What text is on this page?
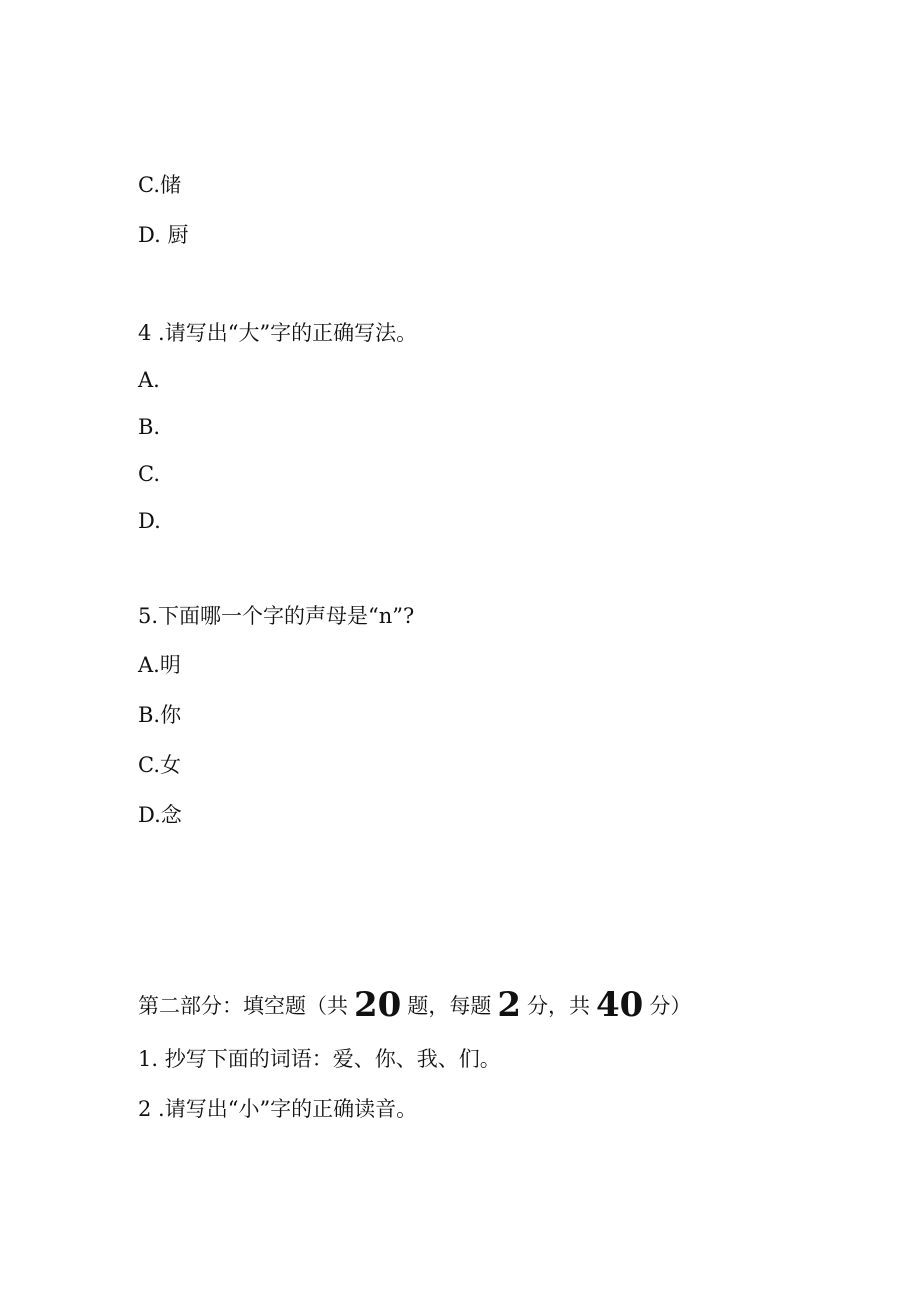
C.储
D. 厨
4 .请写出“大”字的正确写法。
A.
B.
C.
D.
5.下面哪一个字的声母是“n”?
A.明
B.你
C.女
D.念
第二部分：填空题（共 20 题，每题 2 分，共 40 分）
1. 抄写下面的词语：爱、你、我、们。
2 .请写出“小”字的正确读音。
